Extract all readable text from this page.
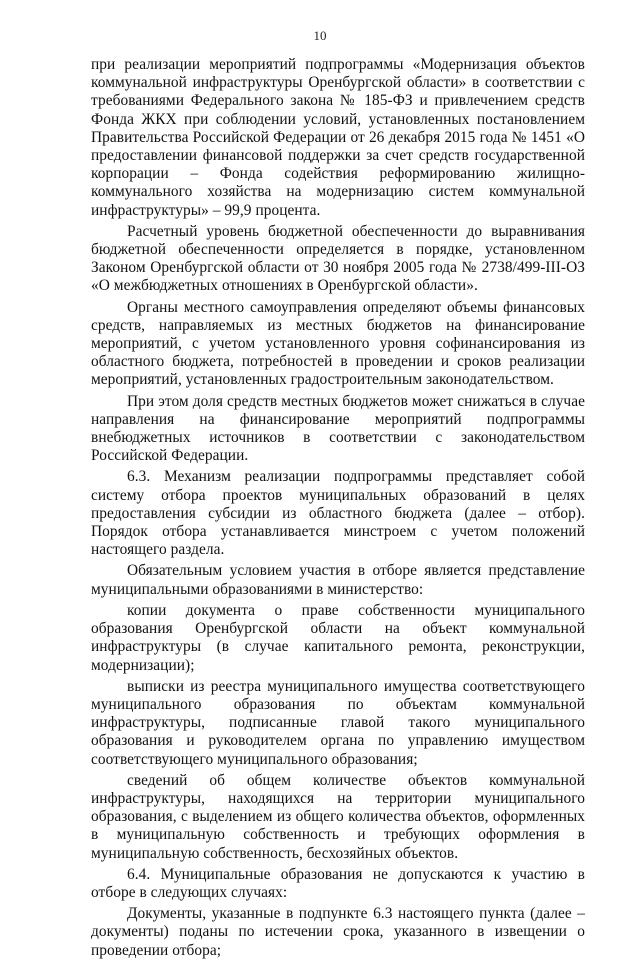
10

при реализации мероприятий подпрограммы «Модернизация объектов коммунальной инфраструктуры Оренбургской области» в соответствии с требованиями Федерального закона № 185-ФЗ и привлечением средств Фонда ЖКХ при соблюдении условий, установленных постановлением Правительства Российской Федерации от 26 декабря 2015 года № 1451 «О предоставлении финансовой поддержки за счет средств государственной корпорации – Фонда содействия реформированию жилищно-коммунального хозяйства на модернизацию систем коммунальной инфраструктуры» – 99,9 процента.

Расчетный уровень бюджетной обеспеченности до выравнивания бюджетной обеспеченности определяется в порядке, установленном Законом Оренбургской области от 30 ноября 2005 года № 2738/499-III-ОЗ «О межбюджетных отношениях в Оренбургской области».

Органы местного самоуправления определяют объемы финансовых средств, направляемых из местных бюджетов на финансирование мероприятий, с учетом установленного уровня софинансирования из областного бюджета, потребностей в проведении и сроков реализации мероприятий, установленных градостроительным законодательством.

При этом доля средств местных бюджетов может снижаться в случае направления на финансирование мероприятий подпрограммы внебюджетных источников в соответствии с законодательством Российской Федерации.

6.3. Механизм реализации подпрограммы представляет собой систему отбора проектов муниципальных образований в целях предоставления субсидии из областного бюджета (далее – отбор). Порядок отбора устанавливается минстроем с учетом положений настоящего раздела.

Обязательным условием участия в отборе является представление муниципальными образованиями в министерство:

копии документа о праве собственности муниципального образования Оренбургской области на объект коммунальной инфраструктуры (в случае капитального ремонта, реконструкции, модернизации);

выписки из реестра муниципального имущества соответствующего муниципального образования по объектам коммунальной инфраструктуры, подписанные главой такого муниципального образования и руководителем органа по управлению имуществом соответствующего муниципального образования;

сведений об общем количестве объектов коммунальной инфраструктуры, находящихся на территории муниципального образования, с выделением из общего количества объектов, оформленных в муниципальную собственность и требующих оформления в муниципальную собственность, бесхозяйных объектов.

6.4. Муниципальные образования не допускаются к участию в отборе в следующих случаях:

Документы, указанные в подпункте 6.3 настоящего пункта (далее – документы) поданы по истечении срока, указанного в извещении о проведении отбора;
